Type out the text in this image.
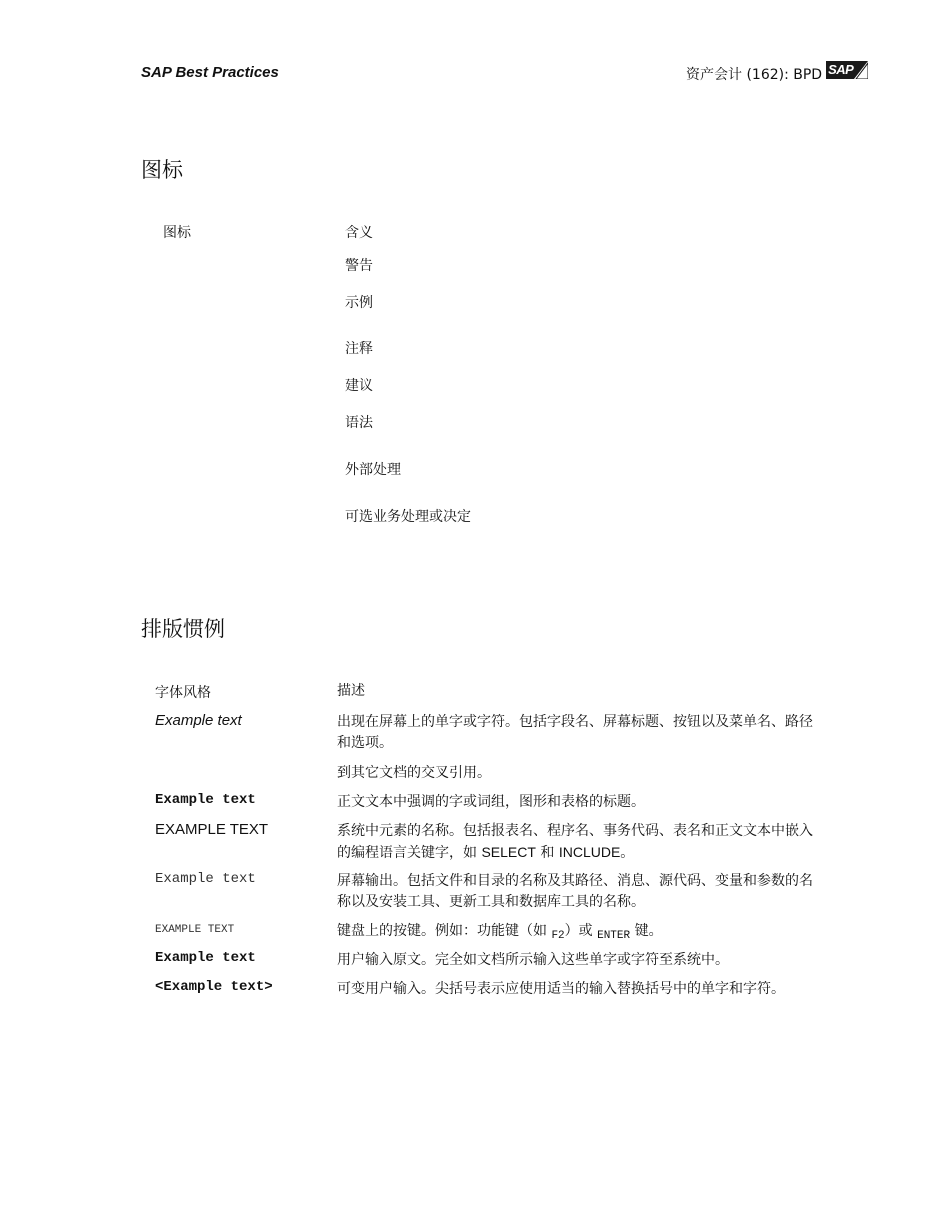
SAP Best Practices	资产会计 (162): BPD SAP
图标
图标	含义
警告
示例
注释
建议
语法
外部处理
可选业务处理或决定
排版惯例
字体风格	描述
Example text	出现在屏幕上的单字或字符。包括字段名、屏幕标题、按钮以及菜单名、路径和选项。
到其它文档的交叉引用。
Example text	正文文本中强调的字或词组，图形和表格的标题。
EXAMPLE TEXT	系统中元素的名称。包括报表名、程序名、事务代码、表名和正文文本中嵌入的编程语言关键字，如 SELECT 和 INCLUDE。
Example text	屏幕输出。包括文件和目录的名称及其路径、消息、源代码、变量和参数的名称以及安装工具、更新工具和数据库工具的名称。
EXAMPLE TEXT	键盘上的按键。例如：功能键（如 $_{F2}$）或 $_{ENTER}$ 键。
Example text	用户输入原文。完全如文档所示输入这些单字或字符至系统中。
<Example text>	可变用户输入。尖括号表示应使用适当的输入替换括号中的单字和字符。
